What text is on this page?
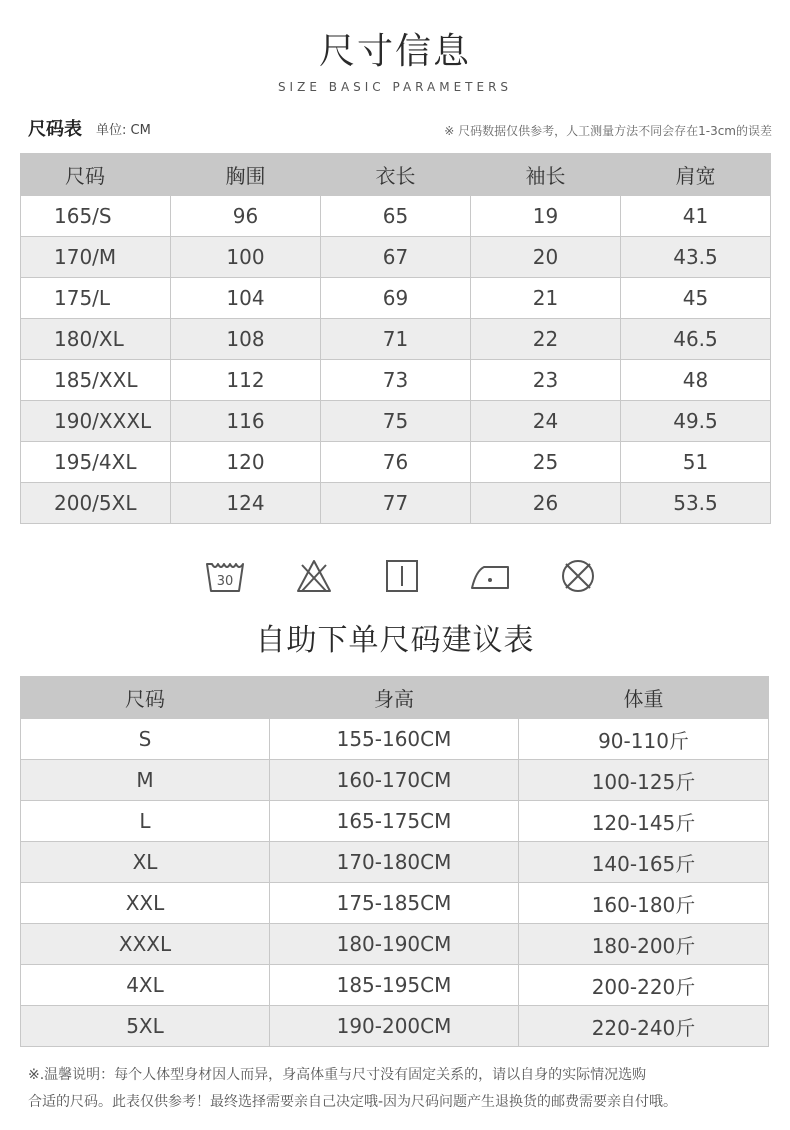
尺寸信息
SIZE BASIC PARAMETERS
尺码表 单位: CM	※ 尺码数据仅供参考，人工测量方法不同会存在1-3cm的误差
尺码	胸围	衣长	袖长	肩宽
165/S	96	65	19	41
170/M	100	67	20	43.5
175/L	104	69	21	45
180/XL	108	71	22	46.5
185/XXL	112	73	23	48
190/XXXL	116	75	24	49.5
195/4XL	120	76	25	51
200/5XL	124	77	26	53.5
30
自助下单尺码建议表
尺码	身高	体重
S	155-160CM	90-110斤
M	160-170CM	100-125斤
L	165-175CM	120-145斤
XL	170-180CM	140-165斤
XXL	175-185CM	160-180斤
XXXL	180-190CM	180-200斤
4XL	185-195CM	200-220斤
5XL	190-200CM	220-240斤
※.温馨说明：每个人体型身材因人而异，身高体重与尺寸没有固定关系的，请以自身的实际情况选购
合适的尺码。此表仅供参考！最终选择需要亲自己决定哦-因为尺码问题产生退换货的邮费需要亲自付哦。
